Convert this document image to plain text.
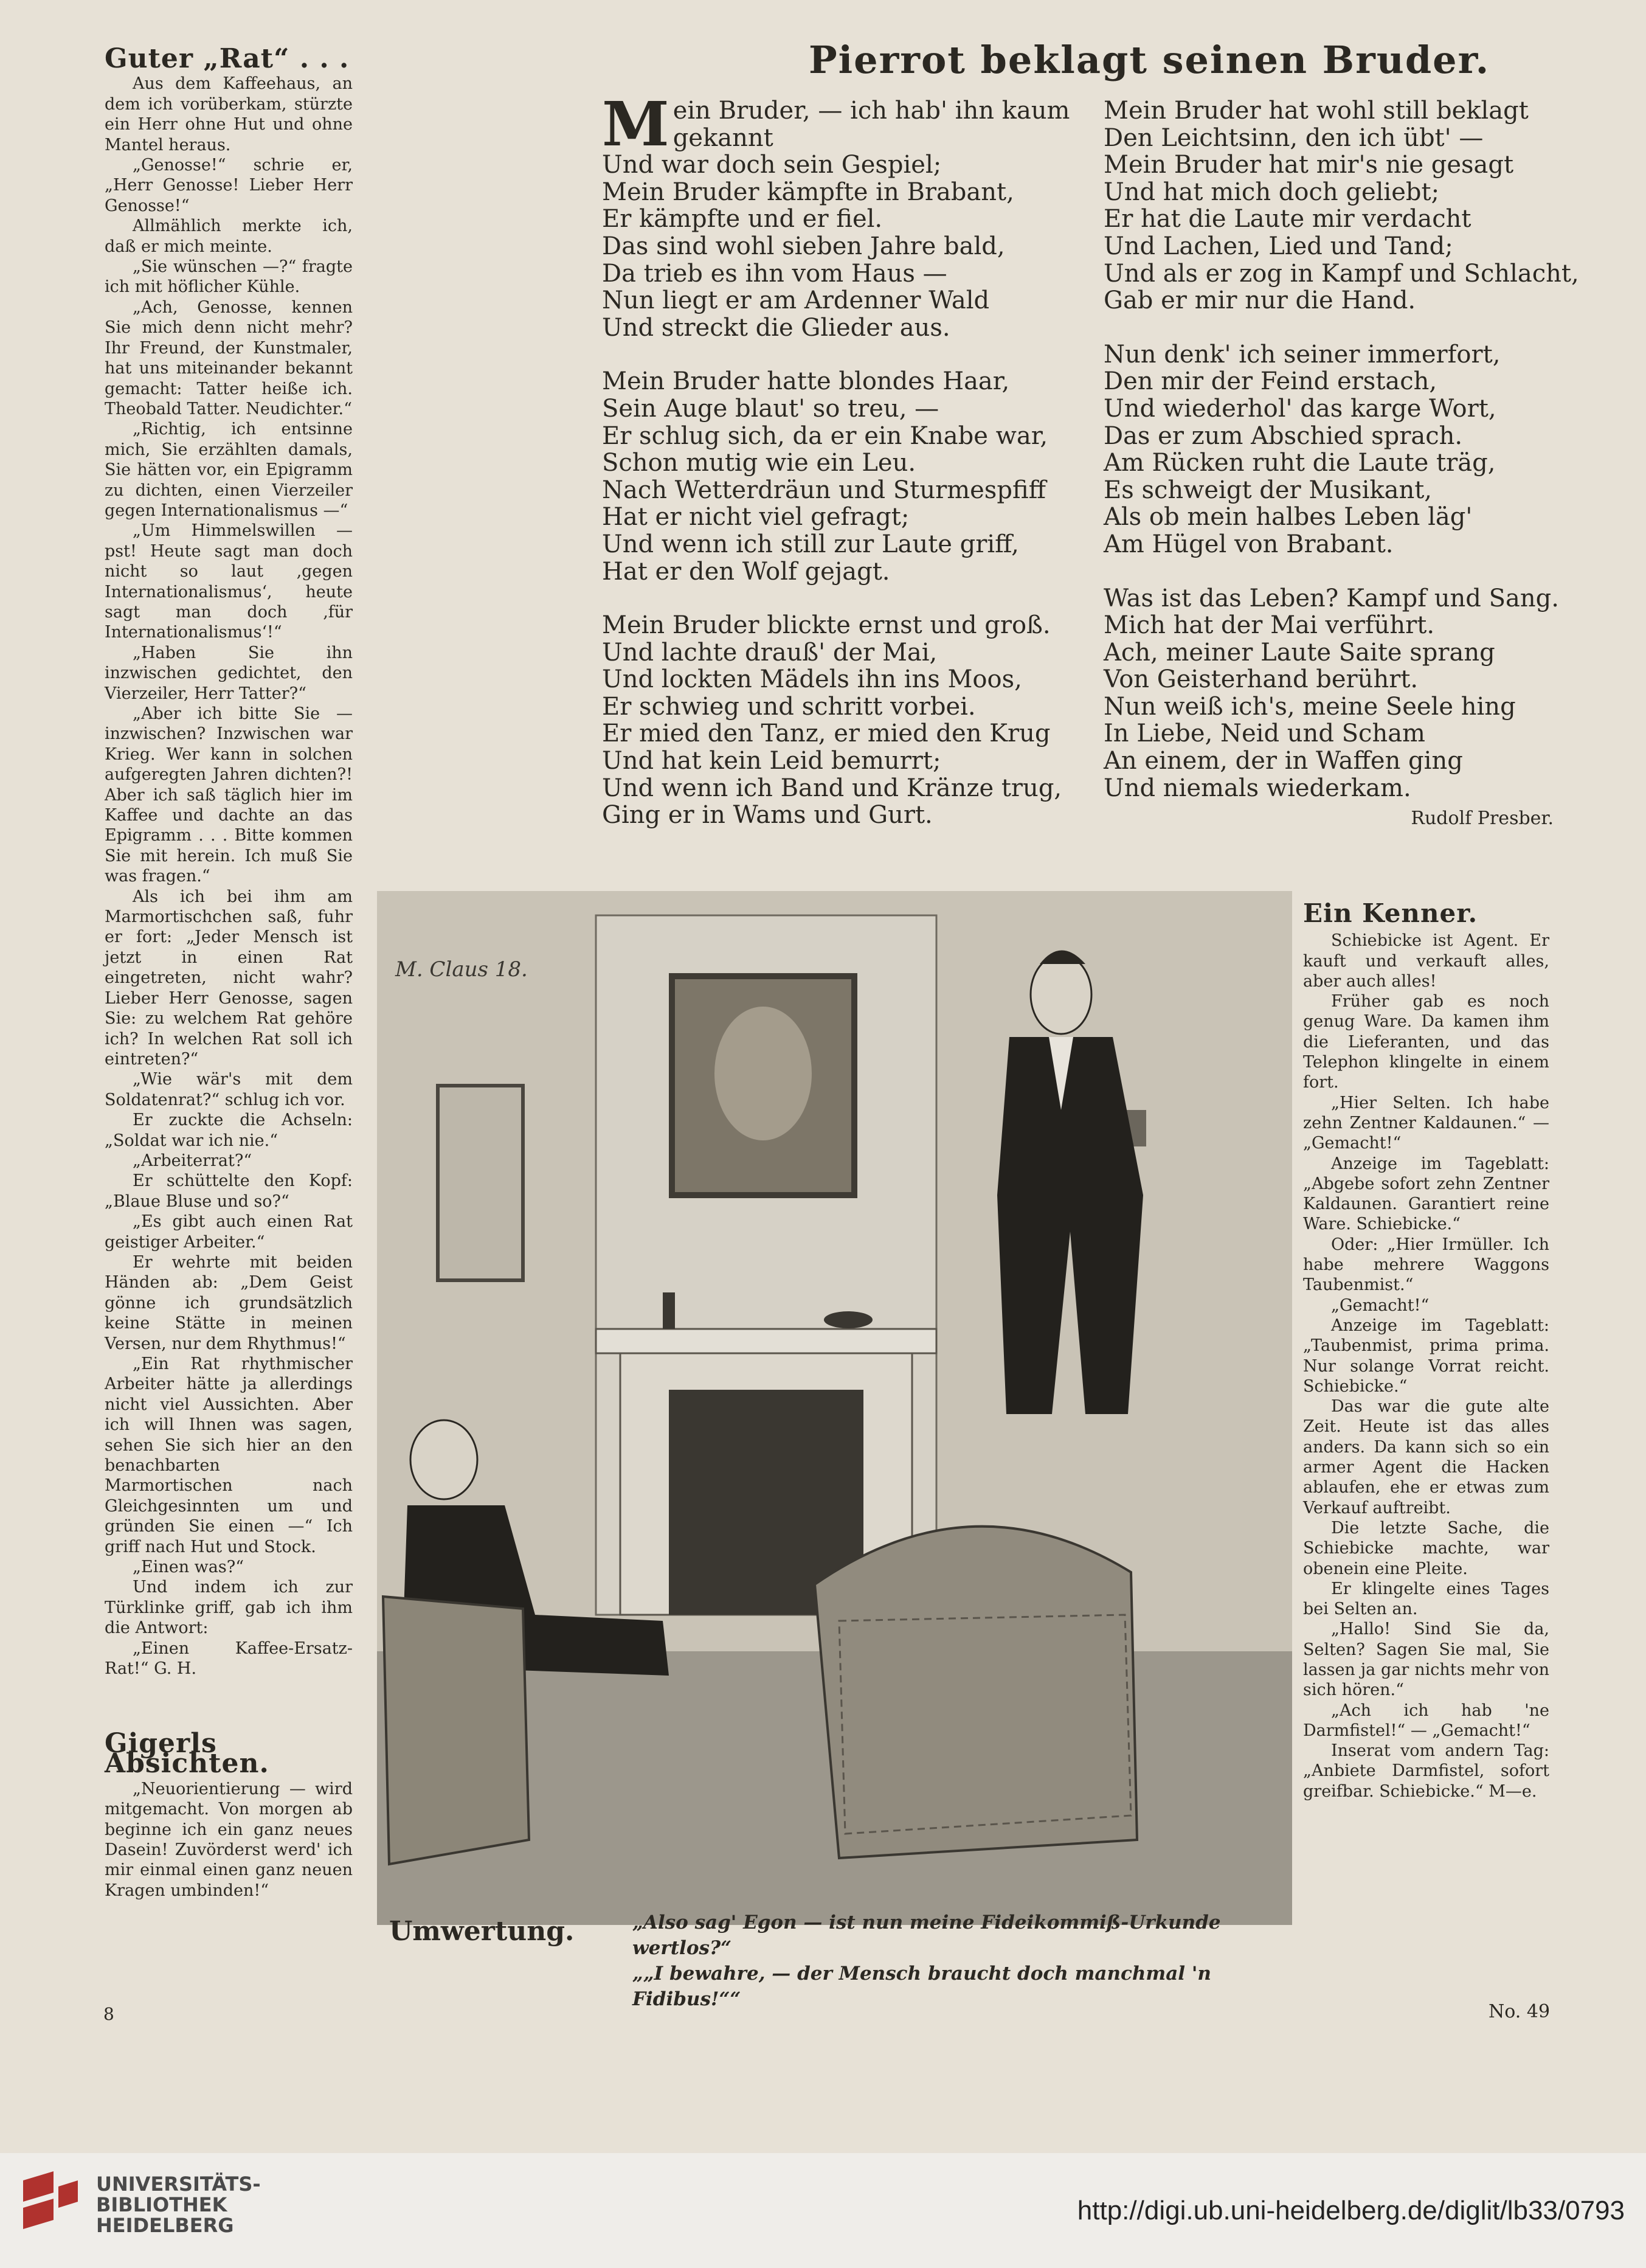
Guter „Rat“ . . .

Aus dem Kaffeehaus, an dem ich vorüberkam, stürzte ein Herr ohne Hut und ohne Mantel heraus.

„Genosse!“ schrie er, „Herr Genosse! Lieber Herr Genosse!“

Allmählich merkte ich, daß er mich meinte.

„Sie wünschen —?“ fragte ich mit höflicher Kühle.

„Ach, Genosse, kennen Sie mich denn nicht mehr? Ihr Freund, der Kunstmaler, hat uns miteinander bekannt gemacht: Tatter heiße ich. Theobald Tatter. Neudichter.“

„Richtig, ich entsinne mich, Sie erzählten damals, Sie hätten vor, ein Epigramm zu dichten, einen Vierzeiler gegen Internationalismus —“

„Um Himmelswillen — pst! Heute sagt man doch nicht so laut ‚gegen Internationalismus‘, heute sagt man doch ‚für Internationalismus‘!“

„Haben Sie ihn inzwischen gedichtet, den Vierzeiler, Herr Tatter?“

„Aber ich bitte Sie — inzwischen? Inzwischen war Krieg. Wer kann in solchen aufgeregten Jahren dichten?! Aber ich saß täglich hier im Kaffee und dachte an das Epigramm . . . Bitte kommen Sie mit herein. Ich muß Sie was fragen.“

Als ich bei ihm am Marmortischchen saß, fuhr er fort: „Jeder Mensch ist jetzt in einen Rat eingetreten, nicht wahr? Lieber Herr Genosse, sagen Sie: zu welchem Rat gehöre ich? In welchen Rat soll ich eintreten?“

„Wie wär's mit dem Soldatenrat?“ schlug ich vor.

Er zuckte die Achseln: „Soldat war ich nie.“

„Arbeiterrat?“

Er schüttelte den Kopf: „Blaue Bluse und so?“

„Es gibt auch einen Rat geistiger Arbeiter.“

Er wehrte mit beiden Händen ab: „Dem Geist gönne ich grundsätzlich keine Stätte in meinen Versen, nur dem Rhythmus!“

„Ein Rat rhythmischer Arbeiter hätte ja allerdings nicht viel Aussichten. Aber ich will Ihnen was sagen, sehen Sie sich hier an den benachbarten Marmortischen nach Gleichgesinnten um und gründen Sie einen —“ Ich griff nach Hut und Stock.

„Einen was?“

Und indem ich zur Türklinke griff, gab ich ihm die Antwort:

„Einen Kaffee-Ersatz-Rat!“ G. H.

Pierrot beklagt seinen Bruder.
M ein Bruder, — ich hab' ihn kaum
gekannt
Und war doch sein Gespiel;
Mein Bruder kämpfte in Brabant,
Er kämpfte und er fiel.
Das sind wohl sieben Jahre bald,
Da trieb es ihn vom Haus —
Nun liegt er am Ardenner Wald
Und streckt die Glieder aus.
Mein Bruder hatte blondes Haar,
Sein Auge blaut' so treu, —
Er schlug sich, da er ein Knabe war,
Schon mutig wie ein Leu.
Nach Wetterdräun und Sturmespfiff
Hat er nicht viel gefragt;
Und wenn ich still zur Laute griff,
Hat er den Wolf gejagt.
Mein Bruder blickte ernst und groß.
Und lachte drauß' der Mai,
Und lockten Mädels ihn ins Moos,
Er schwieg und schritt vorbei.
Er mied den Tanz, er mied den Krug
Und hat kein Leid bemurrt;
Und wenn ich Band und Kränze trug,
Ging er in Wams und Gurt.
Mein Bruder hat wohl still beklagt
Den Leichtsinn, den ich übt' —
Mein Bruder hat mir's nie gesagt
Und hat mich doch geliebt;
Er hat die Laute mir verdacht
Und Lachen, Lied und Tand;
Und als er zog in Kampf und Schlacht,
Gab er mir nur die Hand.
Nun denk' ich seiner immerfort,
Den mir der Feind erstach,
Und wiederhol' das karge Wort,
Das er zum Abschied sprach.
Am Rücken ruht die Laute träg,
Es schweigt der Musikant,
Als ob mein halbes Leben läg'
Am Hügel von Brabant.
Was ist das Leben? Kampf und Sang.
Mich hat der Mai verführt.
Ach, meiner Laute Saite sprang
Von Geisterhand berührt.
Nun weiß ich's, meine Seele hing
In Liebe, Neid und Scham
An einem, der in Waffen ging
Und niemals wiederkam.
Rudolf Presber.
M. Claus 18.
Ein Kenner.

Schiebicke ist Agent. Er kauft und verkauft alles, aber auch alles!

Früher gab es noch genug Ware. Da kamen ihm die Lieferanten, und das Telephon klingelte in einem fort.

„Hier Selten. Ich habe zehn Zentner Kaldaunen.“ — „Gemacht!“

Anzeige im Tageblatt: „Abgebe sofort zehn Zentner Kaldaunen. Garantiert reine Ware. Schiebicke.“

Oder: „Hier Irmüller. Ich habe mehrere Waggons Taubenmist.“

„Gemacht!“

Anzeige im Tageblatt: „Taubenmist, prima prima. Nur solange Vorrat reicht. Schiebicke.“

Das war die gute alte Zeit. Heute ist das alles anders. Da kann sich so ein armer Agent die Hacken ablaufen, ehe er etwas zum Verkauf auftreibt.

Die letzte Sache, die Schiebicke machte, war obenein eine Pleite.

Er klingelte eines Tages bei Selten an.

„Hallo! Sind Sie da, Selten? Sagen Sie mal, Sie lassen ja gar nichts mehr von sich hören.“

„Ach ich hab 'ne Darmfistel!“ — „Gemacht!“

Inserat vom andern Tag: „Anbiete Darmfistel, sofort greifbar. Schiebicke.“ M—e.

Gigerls Absichten.

„Neuorientierung — wird mitgemacht. Von morgen ab beginne ich ein ganz neues Dasein! Zuvörderst werd' ich mir einmal einen ganz neuen Kragen umbinden!“

Umwertung.	„Also sag' Egon — ist nun meine Fideikommiß-Urkunde wertlos?“
„„I bewahre, — der Mensch braucht doch manchmal 'n Fidibus!““
8	No. 49
UNIVERSITÄTS-
BIBLIOTHEK
HEIDELBERG	http://digi.ub.uni-heidelberg.de/diglit/lb33/0793
